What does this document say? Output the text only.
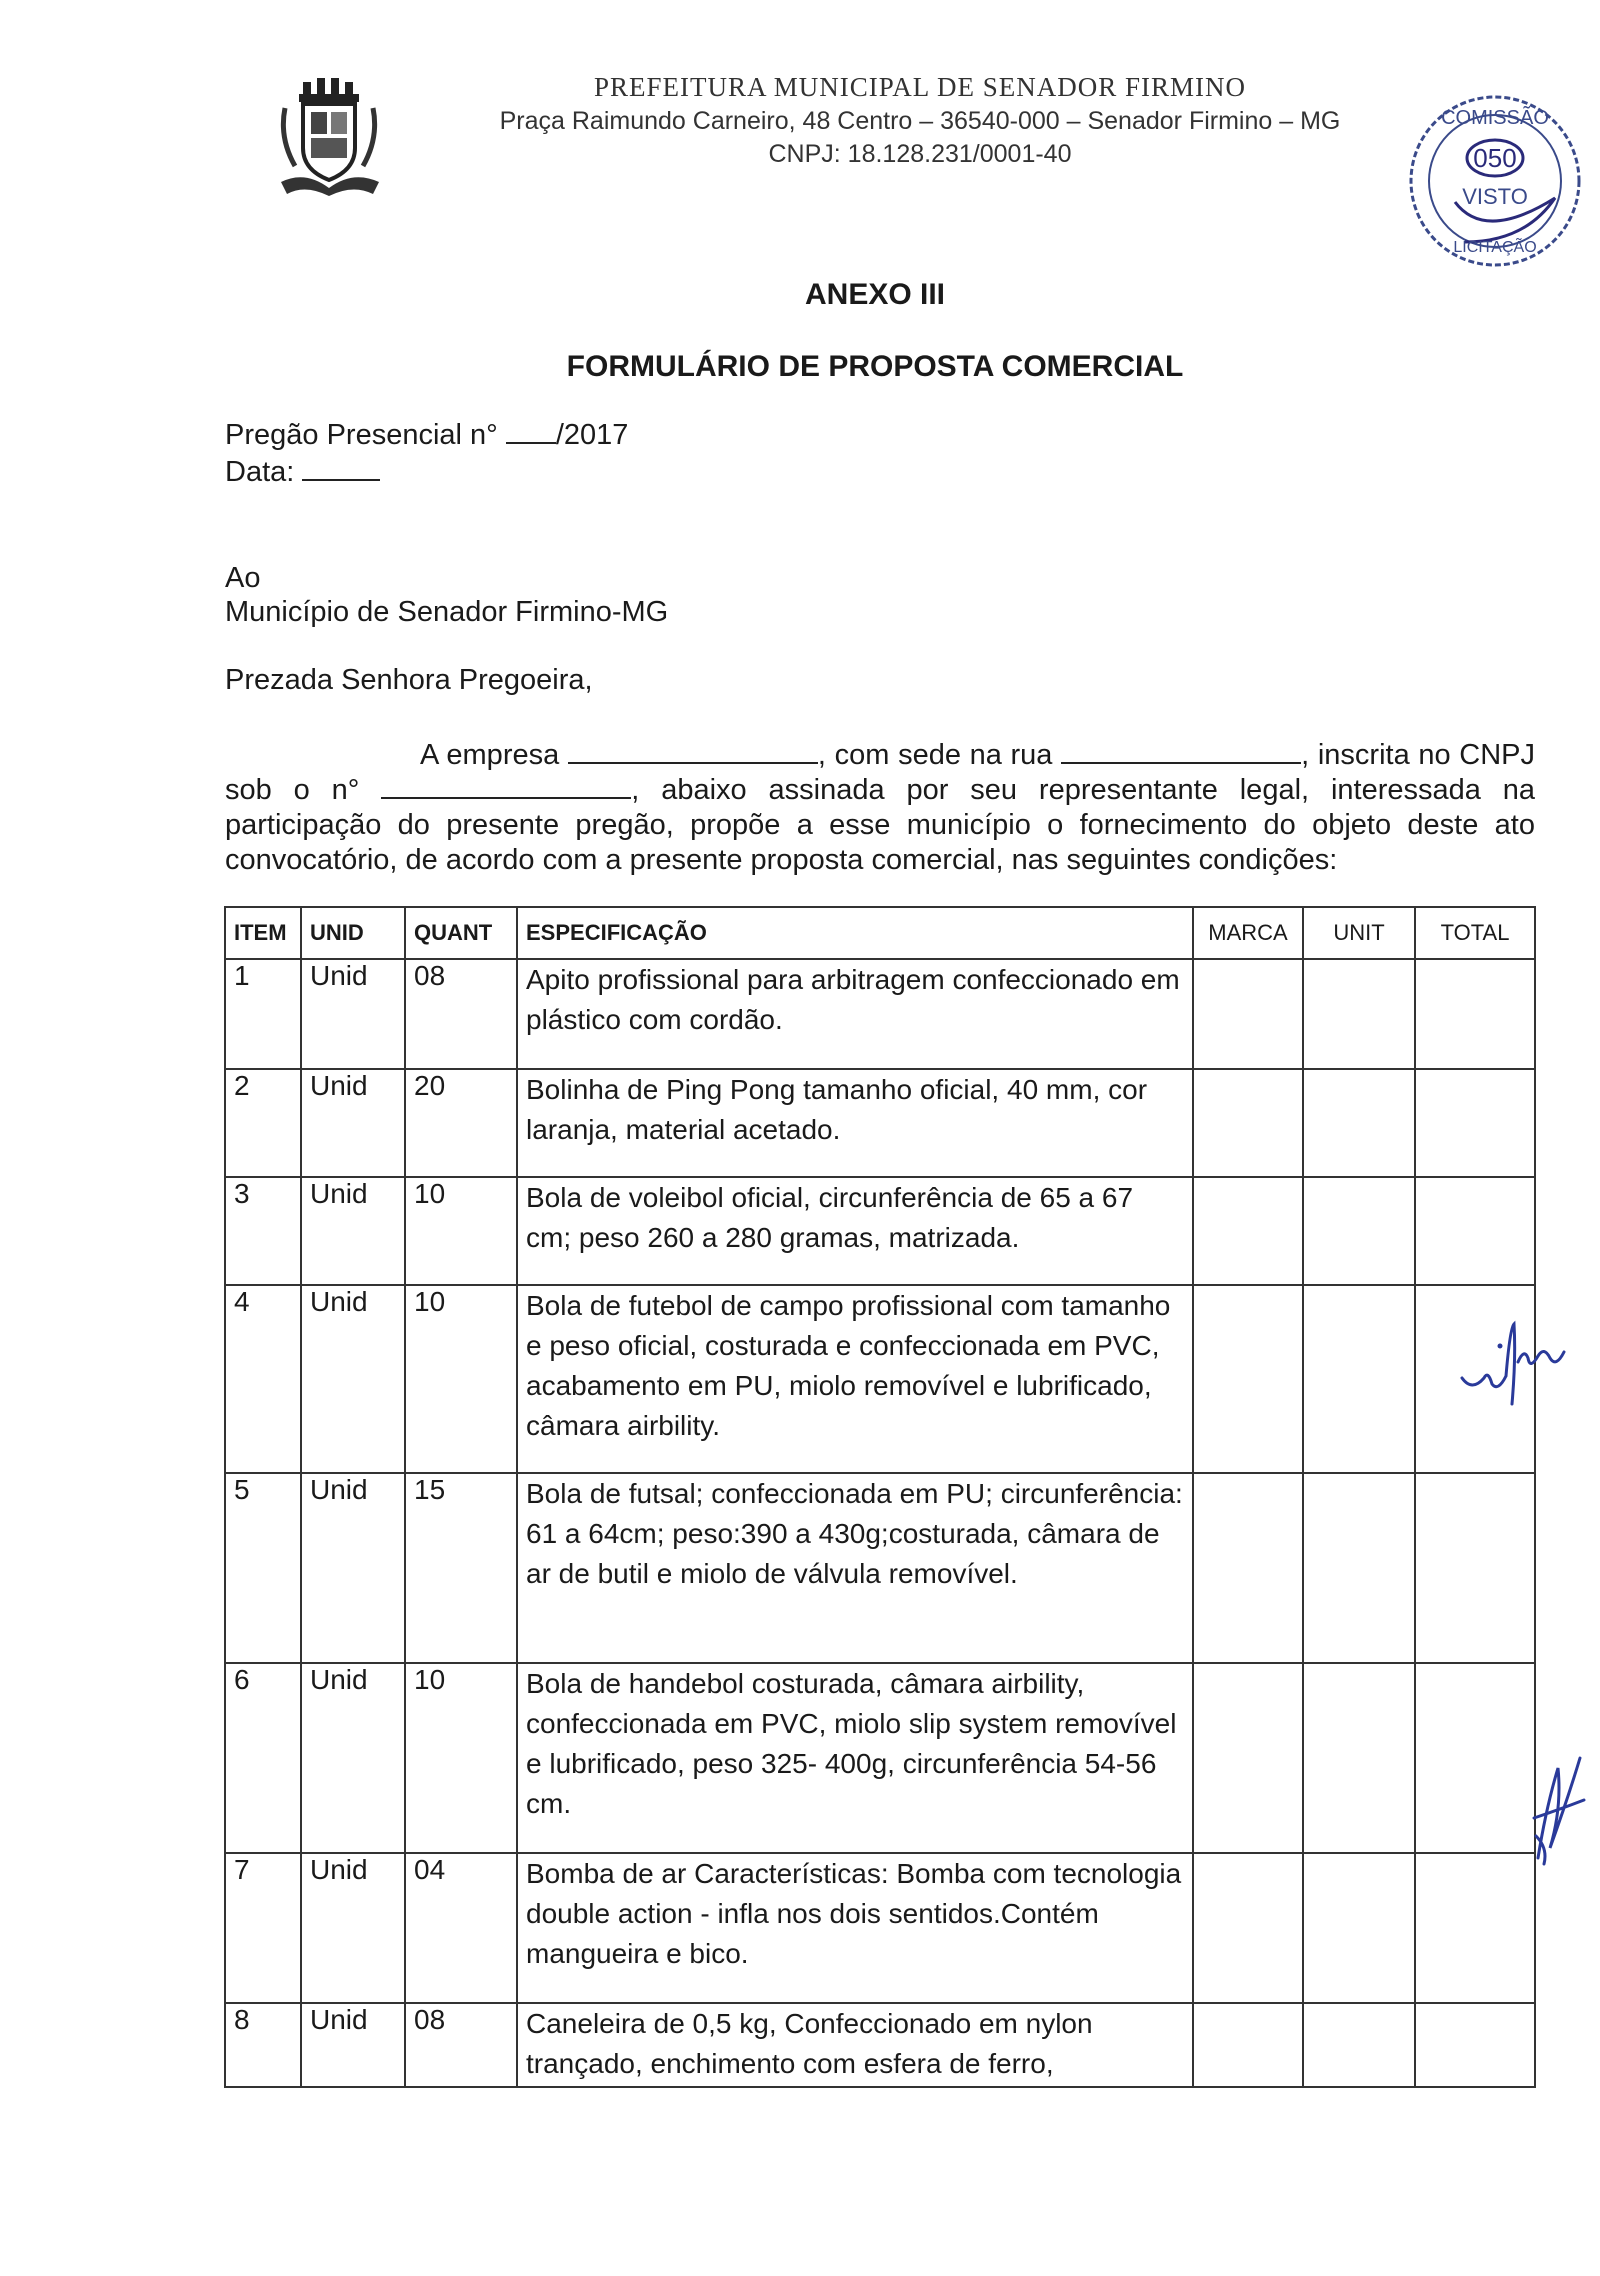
PREFEITURA MUNICIPAL DE SENADOR FIRMINO
Praça Raimundo Carneiro, 48 Centro – 36540-000 – Senador Firmino – MG
CNPJ: 18.128.231/0001-40
COMISSÃO
050
VISTO
LICITAÇÃO
ANEXO III
FORMULÁRIO DE PROPOSTA COMERCIAL
Pregão Presencial n° /2017
Data:
Ao
Município de Senador Firmino-MG
Prezada Senhora Pregoeira,
A empresa	, com sede na rua	, inscrita no CNPJ sob o n°	, abaixo assinada por seu representante legal, interessada na participação do presente pregão, propõe a esse município o fornecimento do objeto deste ato convocatório, de acordo com a presente proposta comercial, nas seguintes condições:
ITEM	UNID	QUANT	ESPECIFICAÇÃO	MARCA	UNIT	TOTAL
1	Unid	08	Apito profissional para arbitragem confeccionado em plástico com cordão.			
2	Unid	20	Bolinha de Ping Pong tamanho oficial, 40 mm, cor laranja, material acetado.			
3	Unid	10	Bola de voleibol oficial, circunferência de 65 a 67 cm; peso 260 a 280 gramas, matrizada.			
4	Unid	10	Bola de futebol de campo profissional com tamanho e peso oficial, costurada e confeccionada em PVC, acabamento em PU, miolo removível e lubrificado, câmara airbility.			
5	Unid	15	Bola de futsal; confeccionada em PU; circunferência: 61 a 64cm; peso:390 a 430g;costurada, câmara de ar de butil e miolo de válvula removível.			
6	Unid	10	Bola de handebol costurada, câmara airbility, confeccionada em PVC, miolo slip system removível e lubrificado, peso 325- 400g, circunferência 54-56 cm.			
7	Unid	04	Bomba de ar Características: Bomba com tecnologia double action - infla nos dois sentidos.Contém mangueira e bico.			
8	Unid	08	Caneleira de 0,5 kg, Confeccionado em nylon trançado, enchimento com esfera de ferro,			
